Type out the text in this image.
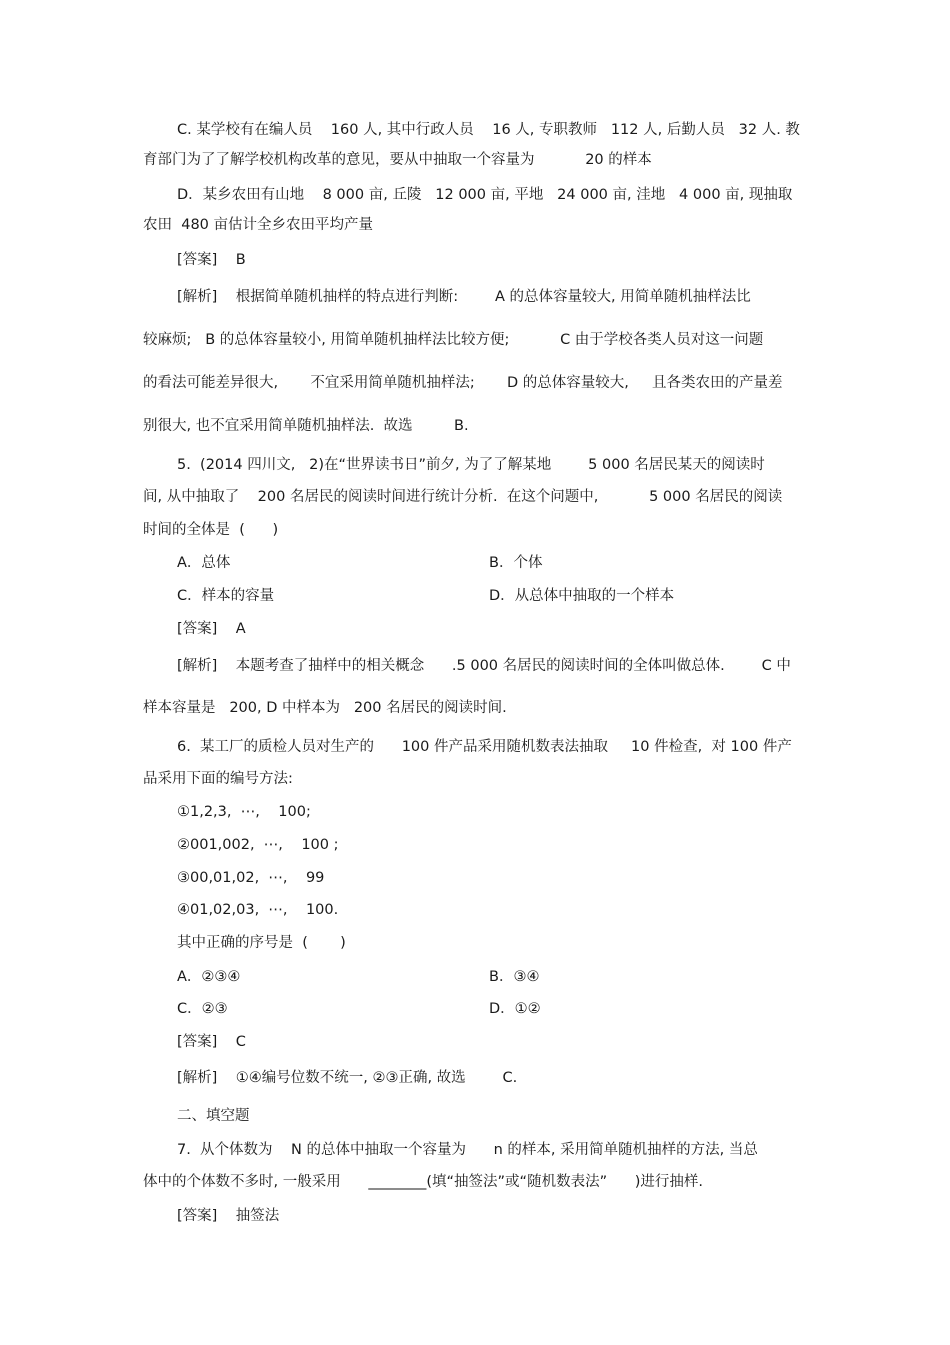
C. 某学校有在编人员    160 人, 其中行政人员    16 人, 专职教师   112 人, 后勤人员   32 人. 教
育部门为了了解学校机构改革的意见，要从中抽取一个容量为           20 的样本
D．某乡农田有山地    8 000 亩, 丘陵   12 000 亩, 平地   24 000 亩, 洼地   4 000 亩, 现抽取
农田  480 亩估计全乡农田平均产量
[答案]    B
[解析]    根据简单随机抽样的特点进行判断:        A 的总体容量较大, 用简单随机抽样法比
较麻烦;   B 的总体容量较小, 用简单随机抽样法比较方便;           C 由于学校各类人员对这一问题
的看法可能差异很大,       不宜采用简单随机抽样法;       D 的总体容量较大,     且各类农田的产量差
别很大, 也不宜采用简单随机抽样法.  故选         B.
5.  (2014 四川文,   2)在“世界读书日”前夕, 为了了解某地        5 000 名居民某天的阅读时
间, 从中抽取了    200 名居民的阅读时间进行统计分析.  在这个问题中,           5 000 名居民的阅读
时间的全体是  (      )
A．总体	B．个体
C．样本的容量	D．从总体中抽取的一个样本
[答案]    A
[解析]    本题考查了抽样中的相关概念      .5 000 名居民的阅读时间的全体叫做总体.        C 中
样本容量是   200, D 中样本为   200 名居民的阅读时间.
6.  某工厂的质检人员对生产的      100 件产品采用随机数表法抽取     10 件检查,  对 100 件产
品采用下面的编号方法:
①1,2,3,  ⋯,    100;
②001,002,  ⋯,    100 ;
③00,01,02,  ⋯,    99
④01,02,03,  ⋯,    100.
其中正确的序号是  (       )
A．②③④	B．③④
C．②③	D．①②
[答案]    C
[解析]    ①④编号位数不统一, ②③正确, 故选        C.
二、填空题
7.  从个体数为    N 的总体中抽取一个容量为      n 的样本, 采用简单随机抽样的方法, 当总
体中的个体数不多时, 一般采用      ________(填“抽签法”或“随机数表法”      )进行抽样.
[答案]    抽签法
